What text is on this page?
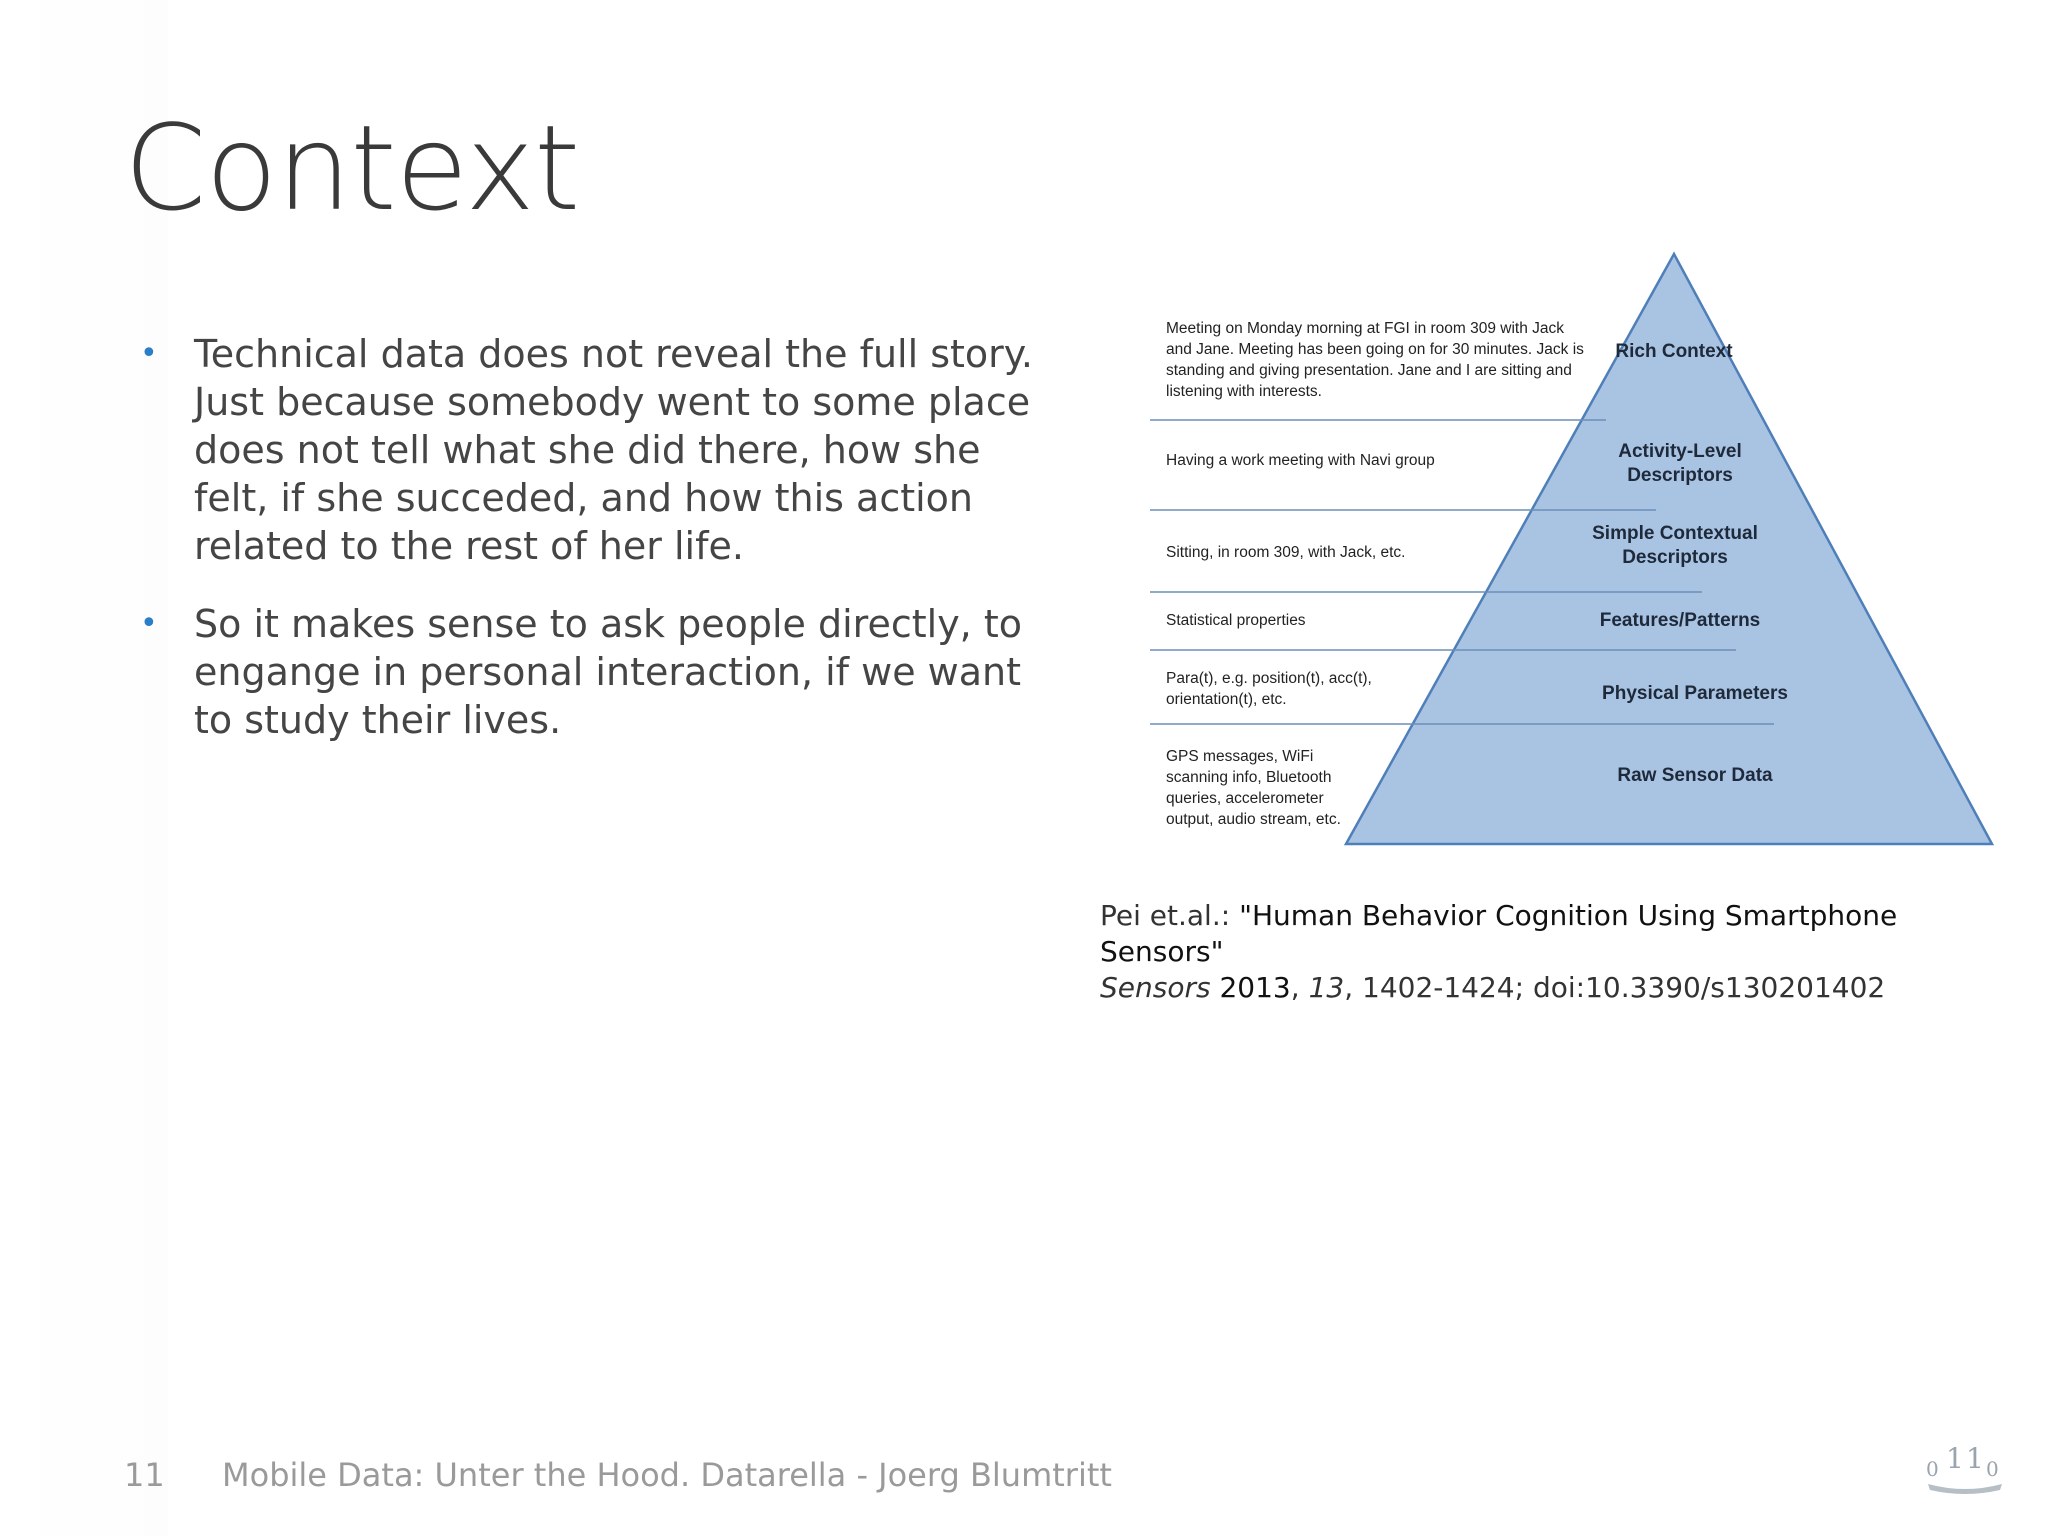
Context
• Technical data does not reveal the full story. Just because somebody went to some place does not tell what she did there, how she felt, if she succeded, and how this action related to the rest of her life.
• So it makes sense to ask people directly, to engange in personal interaction, if we want to study their lives.
Meeting on Monday morning at FGI in room 309 with Jack and Jane. Meeting has been going on for 30 minutes. Jack is standing and giving presentation. Jane and I are sitting and listening with interests.
Having a work meeting with Navi group
Sitting, in room 309, with Jack, etc.
Statistical properties
Para(t), e.g. position(t), acc(t), orientation(t), etc.
GPS messages, WiFi scanning info, Bluetooth queries, accelerometer output, audio stream, etc.
Rich Context
Activity-Level Descriptors
Simple Contextual Descriptors
Features/Patterns
Physical Parameters
Raw Sensor Data
Pei et.al.: "Human Behavior Cognition Using Smartphone Sensors"
Sensors 2013, 13, 1402-1424; doi:10.3390/s130201402
11 Mobile Data: Unter the Hood. Datarella - Joerg Blumtritt	0 1 1 0
